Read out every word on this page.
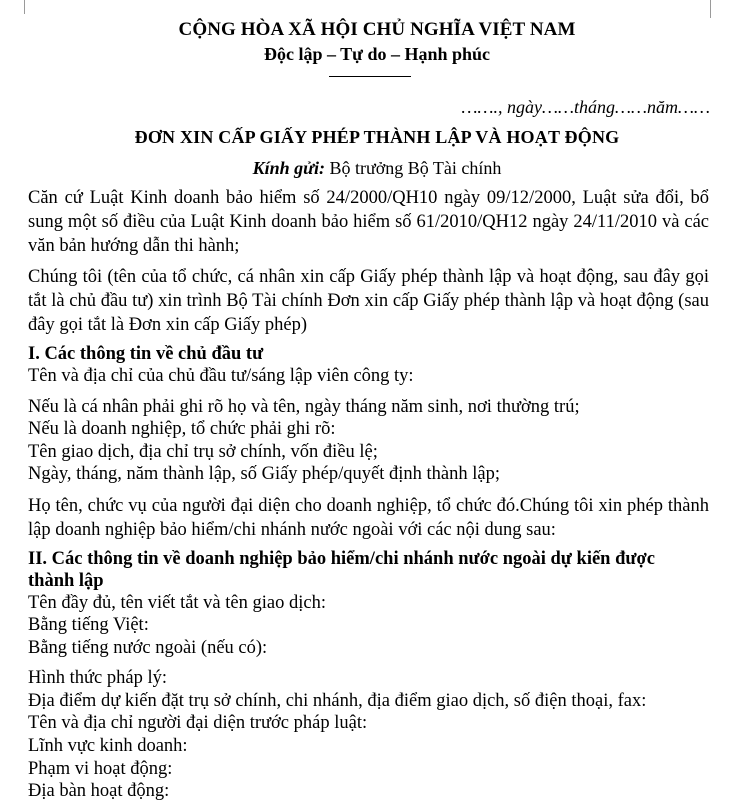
CỘNG HÒA XÃ HỘI CHỦ NGHĨA VIỆT NAM
Độc lập – Tự do – Hạnh phúc
……., ngày……tháng……năm……
ĐƠN XIN CẤP GIẤY PHÉP THÀNH LẬP VÀ HOẠT ĐỘNG
Kính gửi: Bộ trưởng Bộ Tài chính
Căn cứ Luật Kinh doanh bảo hiểm số 24/2000/QH10 ngày 09/12/2000, Luật sửa đổi, bổ sung một số điều của Luật Kinh doanh bảo hiểm số 61/2010/QH12 ngày 24/11/2010 và các văn bản hướng dẫn thi hành;
Chúng tôi (tên của tổ chức, cá nhân xin cấp Giấy phép thành lập và hoạt động, sau đây gọi tắt là chủ đầu tư) xin trình Bộ Tài chính Đơn xin cấp Giấy phép thành lập và hoạt động (sau đây gọi tắt là Đơn xin cấp Giấy phép)
I. Các thông tin về chủ đầu tư
Tên và địa chỉ của chủ đầu tư/sáng lập viên công ty:
Nếu là cá nhân phải ghi rõ họ và tên, ngày tháng năm sinh, nơi thường trú;
Nếu là doanh nghiệp, tổ chức phải ghi rõ:
Tên giao dịch, địa chỉ trụ sở chính, vốn điều lệ;
Ngày, tháng, năm thành lập, số Giấy phép/quyết định thành lập;
Họ tên, chức vụ của người đại diện cho doanh nghiệp, tổ chức đó.Chúng tôi xin phép thành lập doanh nghiệp bảo hiểm/chi nhánh nước ngoài với các nội dung sau:
II. Các thông tin về doanh nghiệp bảo hiểm/chi nhánh nước ngoài dự kiến được
thành lập
Tên đầy đủ, tên viết tắt và tên giao dịch:
Bằng tiếng Việt:
Bằng tiếng nước ngoài (nếu có):
Hình thức pháp lý:
Địa điểm dự kiến đặt trụ sở chính, chi nhánh, địa điểm giao dịch, số điện thoại, fax:
Tên và địa chỉ người đại diện trước pháp luật:
Lĩnh vực kinh doanh:
Phạm vi hoạt động:
Địa bàn hoạt động:
